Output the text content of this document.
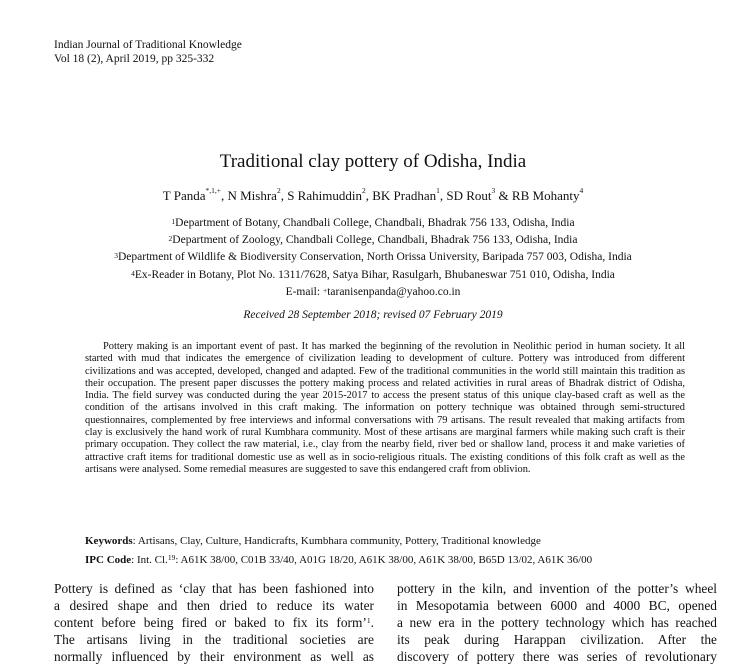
Indian Journal of Traditional Knowledge
Vol 18 (2), April 2019, pp 325-332
Traditional clay pottery of Odisha, India
T Panda$^{*,1,+}$, N Mishra$^2$, S Rahimuddin$^2$, BK Pradhan$^1$, SD Rout$^3$ & RB Mohanty$^4$
$^1$Department of Botany, Chandbali College, Chandbali, Bhadrak 756 133, Odisha, India
$^2$Department of Zoology, Chandbali College, Chandbali, Bhadrak 756 133, Odisha, India
$^3$Department of Wildlife & Biodiversity Conservation, North Orissa University, Baripada 757 003, Odisha, India
$^4$Ex-Reader in Botany, Plot No. 1311/7628, Satya Bihar, Rasulgarh, Bhubaneswar 751 010, Odisha, India
E-mail: +taranisenpanda@yahoo.co.in
Received 28 September 2018; revised 07 February 2019

Pottery making is an important event of past. It has marked the beginning of the revolution in Neolithic period in human society. It all started with mud that indicates the emergence of civilization leading to development of culture. Pottery was introduced from different civilizations and was accepted, developed, changed and adapted. Few of the traditional communities in the world still maintain this tradition as their occupation. The present paper discusses the pottery making process and related activities in rural areas of Bhadrak district of Odisha, India. The field survey was conducted during the year 2015-2017 to access the present status of this unique clay-based craft as well as the condition of the artisans involved in this craft making. The information on pottery technique was obtained through semi-structured questionnaires, complemented by free interviews and informal conversations with 79 artisans. The result revealed that making artifacts from clay is exclusively the hand work of rural Kumbhara community. Most of these artisans are marginal farmers while making such craft is their primary occupation. They collect the raw material, i.e., clay from the nearby field, river bed or shallow land, process it and make varieties of attractive craft items for traditional domestic use as well as in socio-religious rituals. The existing conditions of this folk craft as well as the artisans were analysed. Some remedial measures are suggested to save this endangered craft from oblivion.

Keywords: Artisans, Clay, Culture, Handicrafts, Kumbhara community, Pottery, Traditional knowledge
IPC Code: Int. Cl.$^{19}$: A61K 38/00, C01B 33/40, A01G 18/20, A61K 38/00, A61K 38/00, B65D 13/02, A61K 36/00
Pottery is defined as ‘clay that has been fashioned into
a desired shape and then dried to reduce its water
content before being fired or baked to fix its form’$^1$.
The artisans living in the traditional societies are
normally influenced by their environment as well as
pottery in the kiln, and invention of the potter’s wheel
in Mesopotamia between 6000 and 4000 BC, opened
a new era in the pottery technology which has reached
its peak during Harappan civilization. After the
discovery of pottery there was series of revolutionary
